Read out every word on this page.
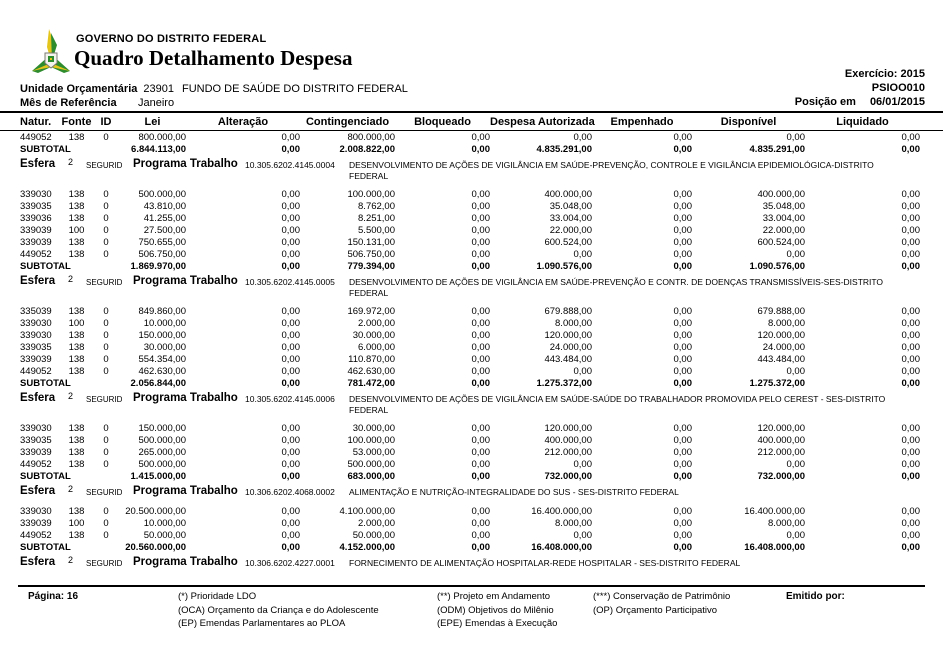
GOVERNO DO DISTRITO FEDERAL
Quadro Detalhamento Despesa
Exercício: 2015
PSIOO010
Posição em 06/01/2015
Unidade Orçamentária 23901 FUNDO DE SAÚDE DO DISTRITO FEDERAL
Mês de Referência Janeiro
Natur. Fonte ID	Lei	Alteração	Contingenciado	Bloqueado	Despesa Autorizada	Empenhado	Disponível	Liquidado
449052	138	0	800.000,00	0,00	800.000,00	0,00	0,00	0,00	0,00	0,00
SUBTOTAL	6.844.113,00	0,00	2.008.822,00	0,00	4.835.291,00	0,00	4.835.291,00	0,00
Esfera	2	SEGURID Programa Trabalho 10.305.6202.4145.0004	DESENVOLVIMENTO DE AÇÕES DE VIGILÂNCIA EM SAÚDE-PREVENÇÃO, CONTROLE E VIGILÂNCIA EPIDEMIOLÓGICA-DISTRITO FEDERAL
339030	138	0	500.000,00	0,00	100.000,00	0,00	400.000,00	0,00	400.000,00	0,00
339035	138	0	43.810,00	0,00	8.762,00	0,00	35.048,00	0,00	35.048,00	0,00
339036	138	0	41.255,00	0,00	8.251,00	0,00	33.004,00	0,00	33.004,00	0,00
339039	100	0	27.500,00	0,00	5.500,00	0,00	22.000,00	0,00	22.000,00	0,00
339039	138	0	750.655,00	0,00	150.131,00	0,00	600.524,00	0,00	600.524,00	0,00
449052	138	0	506.750,00	0,00	506.750,00	0,00	0,00	0,00	0,00	0,00
SUBTOTAL	1.869.970,00	0,00	779.394,00	0,00	1.090.576,00	0,00	1.090.576,00	0,00
Esfera	2	SEGURID Programa Trabalho 10.305.6202.4145.0005	DESENVOLVIMENTO DE AÇÕES DE VIGILÂNCIA EM SAÚDE-PREVENÇÃO E CONTR. DE DOENÇAS TRANSMISSÍVEIS-SES-DISTRITO FEDERAL
335039	138	0	849.860,00	0,00	169.972,00	0,00	679.888,00	0,00	679.888,00	0,00
339030	100	0	10.000,00	0,00	2.000,00	0,00	8.000,00	0,00	8.000,00	0,00
339030	138	0	150.000,00	0,00	30.000,00	0,00	120.000,00	0,00	120.000,00	0,00
339035	138	0	30.000,00	0,00	6.000,00	0,00	24.000,00	0,00	24.000,00	0,00
339039	138	0	554.354,00	0,00	110.870,00	0,00	443.484,00	0,00	443.484,00	0,00
449052	138	0	462.630,00	0,00	462.630,00	0,00	0,00	0,00	0,00	0,00
SUBTOTAL	2.056.844,00	0,00	781.472,00	0,00	1.275.372,00	0,00	1.275.372,00	0,00
Esfera	2	SEGURID Programa Trabalho 10.305.6202.4145.0006	DESENVOLVIMENTO DE AÇÕES DE VIGILÂNCIA EM SAÚDE-SAÚDE DO TRABALHADOR PROMOVIDA PELO CEREST - SES-DISTRITO FEDERAL
339030	138	0	150.000,00	0,00	30.000,00	0,00	120.000,00	0,00	120.000,00	0,00
339035	138	0	500.000,00	0,00	100.000,00	0,00	400.000,00	0,00	400.000,00	0,00
339039	138	0	265.000,00	0,00	53.000,00	0,00	212.000,00	0,00	212.000,00	0,00
449052	138	0	500.000,00	0,00	500.000,00	0,00	0,00	0,00	0,00	0,00
SUBTOTAL	1.415.000,00	0,00	683.000,00	0,00	732.000,00	0,00	732.000,00	0,00
Esfera	2	SEGURID Programa Trabalho 10.306.6202.4068.0002	ALIMENTAÇÃO E NUTRIÇÃO-INTEGRALIDADE DO SUS - SES-DISTRITO FEDERAL
339030	138	0	20.500.000,00	0,00	4.100.000,00	0,00	16.400.000,00	0,00	16.400.000,00	0,00
339039	100	0	10.000,00	0,00	2.000,00	0,00	8.000,00	0,00	8.000,00	0,00
449052	138	0	50.000,00	0,00	50.000,00	0,00	0,00	0,00	0,00	0,00
SUBTOTAL	20.560.000,00	0,00	4.152.000,00	0,00	16.408.000,00	0,00	16.408.000,00	0,00
Esfera	2	SEGURID Programa Trabalho 10.306.6202.4227.0001	FORNECIMENTO DE ALIMENTAÇÃO HOSPITALAR-REDE HOSPITALAR - SES-DISTRITO FEDERAL
Página: 16	(*) Prioridade LDO
(OCA) Orçamento da Criança e do Adolescente
(EP) Emendas Parlamentares ao PLOA
(**) Projeto em Andamento
(ODM) Objetivos do Milênio
(EPE) Emendas à Execução
(***) Conservação de Patrimônio
(OP) Orçamento Participativo
Emitido por:
